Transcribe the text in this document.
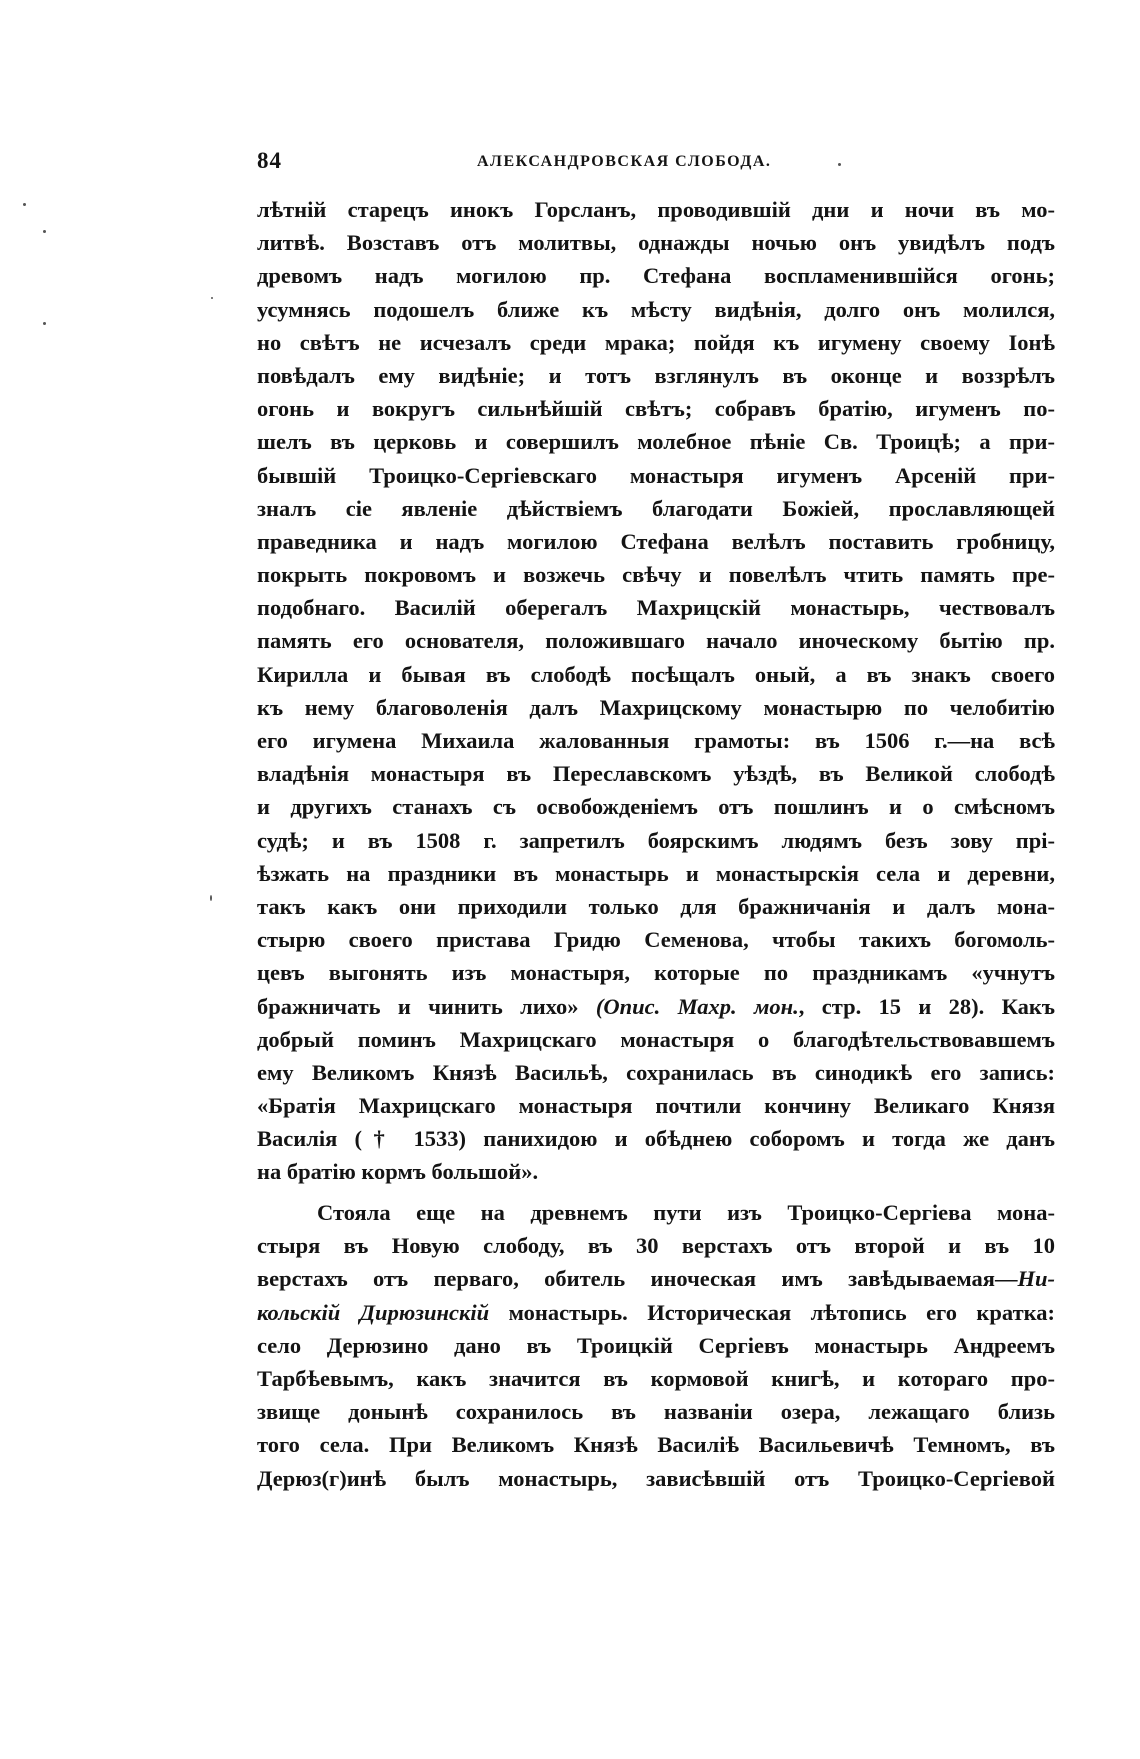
84	АЛЕКСАНДРОВСКАЯ СЛОБОДА.
лѣтній старецъ инокъ Горсланъ, проводившій дни и ночи въ мо-
литвѣ. Возставъ отъ молитвы, однажды ночью онъ увидѣлъ подъ
древомъ надъ могилою пр. Стефана воспламенившійся огонь;
усумнясь подошелъ ближе къ мѣсту видѣнія, долго онъ молился,
но свѣтъ не исчезалъ среди мрака; пойдя къ игумену своему Іонѣ
повѣдалъ ему видѣніе; и тотъ взглянулъ въ оконце и воззрѣлъ
огонь и вокругъ сильнѣйшій свѣтъ; собравъ братію, игуменъ по-
шелъ въ церковь и совершилъ молебное пѣніе Св. Троицѣ; а при-
бывшій Троицко-Сергіевскаго монастыря игуменъ Арсеній при-
зналъ сіе явленіе дѣйствіемъ благодати Божіей, прославляющей
праведника и надъ могилою Стефана велѣлъ поставить гробницу,
покрыть покровомъ и возжечь свѣчу и повелѣлъ чтить память пре-
подобнаго. Василій оберегалъ Махрицскій монастырь, чествовалъ
память его основателя, положившаго начало иноческому бытію пр.
Кирилла и бывая въ слободѣ посѣщалъ оный, а въ знакъ своего
къ нему благоволенія далъ Махрицскому монастырю по челобитію
его игумена Михаила жалованныя грамоты: въ 1506 г.—на всѣ
владѣнія монастыря въ Переславскомъ уѣздѣ, въ Великой слободѣ
и другихъ станахъ съ освобожденіемъ отъ пошлинъ и о смѣсномъ
судѣ; и въ 1508 г. запретилъ боярскимъ людямъ безъ зову прі-
ѣзжать на праздники въ монастырь и монастырскія села и деревни,
такъ какъ они приходили только для бражничанія и далъ мона-
стырю своего пристава Гридю Семенова, чтобы такихъ богомоль-
цевъ выгонять изъ монастыря, которые по праздникамъ «учнутъ
бражничать и чинить лихо» (Опис. Махр. мон., стр. 15 и 28). Какъ
добрый поминъ Махрицскаго монастыря о благодѣтельствовавшемъ
ему Великомъ Князѣ Васильѣ, сохранилась въ синодикѣ его запись:
«Братія Махрицскаго монастыря почтили кончину Великаго Князя
Василія († 1533) панихидою и обѣднею соборомъ и тогда же данъ
на братію кормъ большой».
Стояла еще на древнемъ пути изъ Троицко-Сергіева мона-
стыря въ Новую слободу, въ 30 верстахъ отъ второй и въ 10
верстахъ отъ перваго, обитель иноческая имъ завѣдываемая—Ни-
кольскій Дирюзинскій монастырь. Историческая лѣтопись его кратка:
село Дерюзино дано въ Троицкій Сергіевъ монастырь Андреемъ
Тарбѣевымъ, какъ значится въ кормовой книгѣ, и котораго про-
звище донынѣ сохранилось въ названіи озера, лежащаго близь
того села. При Великомъ Князѣ Василіѣ Васильевичѣ Темномъ, въ
Дерюз(г)инѣ былъ монастырь, зависѣвшій отъ Троицко-Сергіевой
